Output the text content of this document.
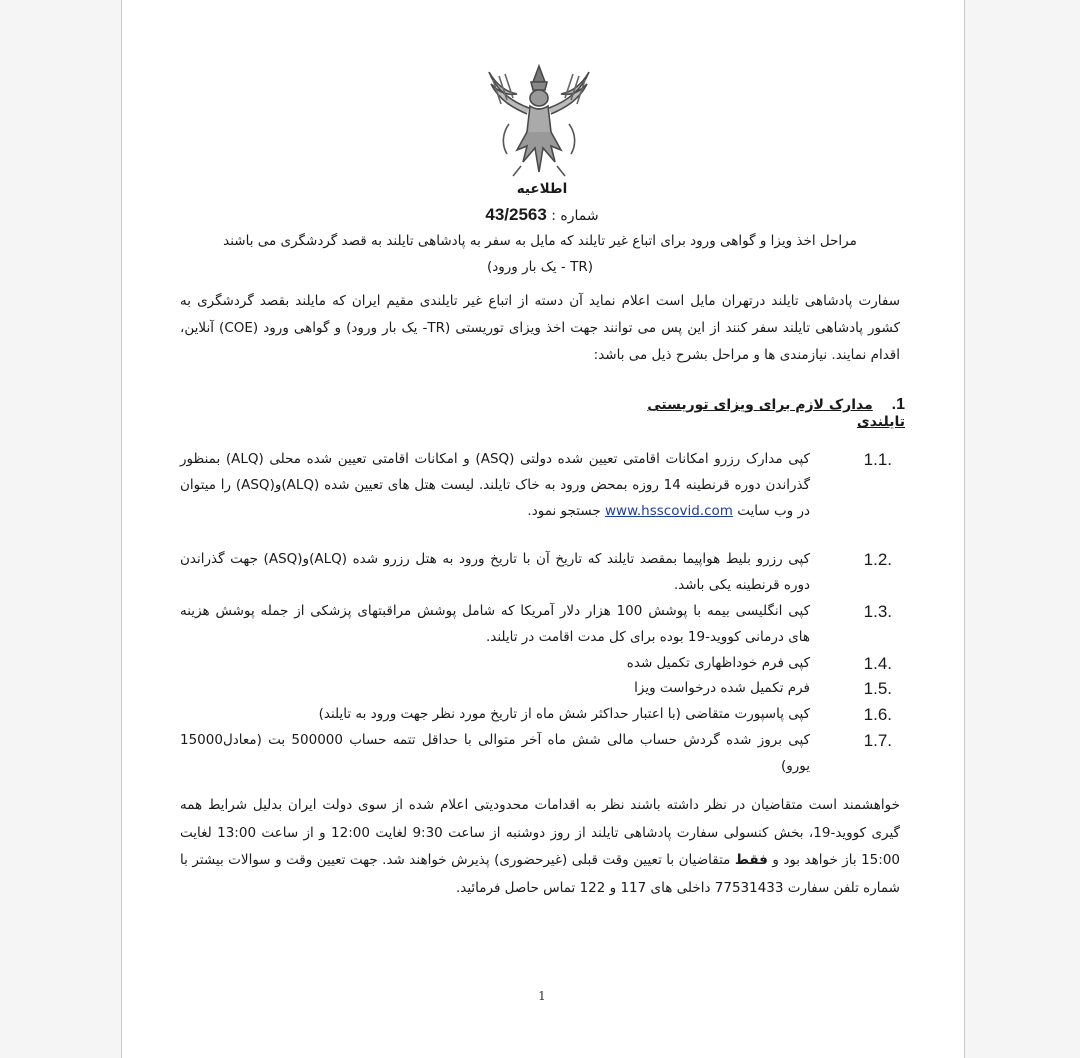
اطلاعیه
شماره : 43/2563
مراحل اخذ ویزا و گواهی ورود برای اتباع غیر تایلند که مایل به سفر به پادشاهی تایلند به قصد گردشگری می باشند
(TR - یک بار ورود)
سفارت پادشاهی تایلند درتهران مایل است اعلام نماید آن دسته از اتباع غیر تایلندی مقیم ایران که مایلند بقصد گردشگری به کشور پادشاهی تایلند سفر کنند از این پس می توانند جهت اخذ ویزای توریستی (TR- یک بار ورود) و گواهی ورود (COE) آنلاین، اقدام نمایند. نیازمندی ها و مراحل بشرح ذیل می باشد:
1. مدارک لازم برای ویزای توریستی تایلندی
1.1.
کپی مدارک رزرو امکانات اقامتی تعیین شده دولتی (ASQ) و امکانات اقامتی تعیین شده محلی (ALQ) بمنظور گذراندن دوره قرنطینه 14 روزه بمحض ورود به خاک تایلند. لیست هتل های تعیین شده (ALQ)و(ASQ) را میتوان در وب سایت www.hsscovid.com جستجو نمود.
1.2.
کپی رزرو بلیط هواپیما بمقصد تایلند که تاریخ آن با تاریخ ورود به هتل رزرو شده (ALQ)و(ASQ) جهت گذراندن دوره قرنطینه یکی باشد.
1.3.
کپی انگلیسی بیمه با پوشش 100 هزار دلار آمریکا که شامل پوشش مراقبتهای پزشکی از جمله پوشش هزینه های درمانی کووید-19 بوده برای کل مدت اقامت در تایلند.
1.4.
کپی فرم خوداظهاری تکمیل شده
1.5.
فرم تکمیل شده درخواست ویزا
1.6.
کپی پاسپورت متقاضی (با اعتبار حداکثر شش ماه از تاریخ مورد نظر جهت ورود به تایلند)
1.7.
کپی بروز شده گردش حساب مالی شش ماه آخر متوالی با حداقل تتمه حساب 500000 بت (معادل15000 یورو)
خواهشمند است متقاضیان در نظر داشته باشند نظر به اقدامات محدودیتی اعلام شده از سوی دولت ایران بدلیل شرایط همه گیری کووید-19، بخش کنسولی سفارت پادشاهی تایلند از روز دوشنبه از ساعت 9:30 لغایت 12:00 و از ساعت 13:00 لغایت 15:00 باز خواهد بود و فقط متقاضیان با تعیین وقت قبلی (غیرحضوری) پذیرش خواهند شد. جهت تعیین وقت و سوالات بیشتر با شماره تلفن سفارت 77531433 داخلی های 117 و 122 تماس حاصل فرمائید.
1
